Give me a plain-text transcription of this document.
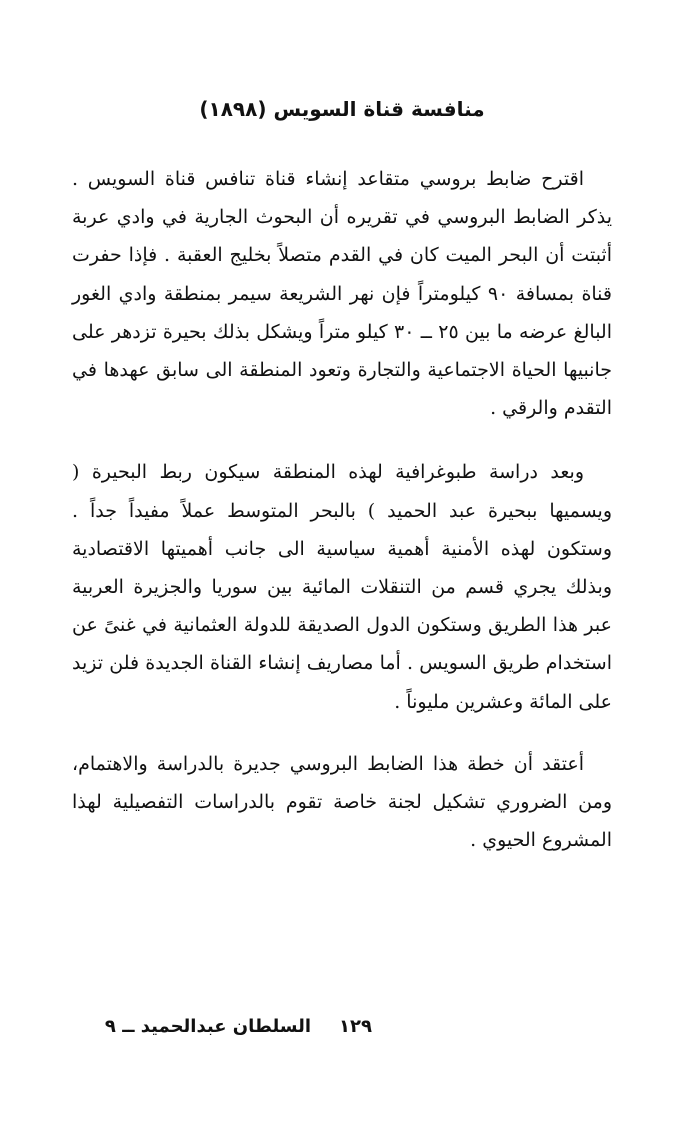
منافسة قناة السويس (١٨٩٨)

اقترح ضابط بروسي متقاعد إنشاء قناة تنافس قناة السويس . يذكر الضابط البروسي في تقريره أن البحوث الجارية في وادي عربة أثبتت أن البحر الميت كان في القدم متصلاً بخليج العقبة . فإذا حفرت قناة بمسافة ٩٠ كيلومتراً فإن نهر الشريعة سيمر بمنطقة وادي الغور البالغ عرضه ما بين ٢٥ ــ ٣٠ كيلو متراً ويشكل بذلك بحيرة تزدهر على جانبيها الحياة الاجتماعية والتجارة وتعود المنطقة الى سابق عهدها في التقدم والرقي .

وبعد دراسة طبوغرافية لهذه المنطقة سيكون ربط البحيرة ( ويسميها ببحيرة عبد الحميد ) بالبحر المتوسط عملاً مفيداً جداً . وستكون لهذه الأمنية أهمية سياسية الى جانب أهميتها الاقتصادية وبذلك يجري قسم من التنقلات المائية بين سوريا والجزيرة العربية عبر هذا الطريق وستكون الدول الصديقة للدولة العثمانية في غنىً عن استخدام طريق السويس . أما مصاريف إنشاء القناة الجديدة فلن تزيد على المائة وعشرين مليوناً .

أعتقد أن خطة هذا الضابط البروسي جديرة بالدراسة والاهتمام، ومن الضروري تشكيل لجنة خاصة تقوم بالدراسات التفصيلية لهذا المشروع الحيوي .

١٢٩السلطان عبدالحميد ــ ٩
